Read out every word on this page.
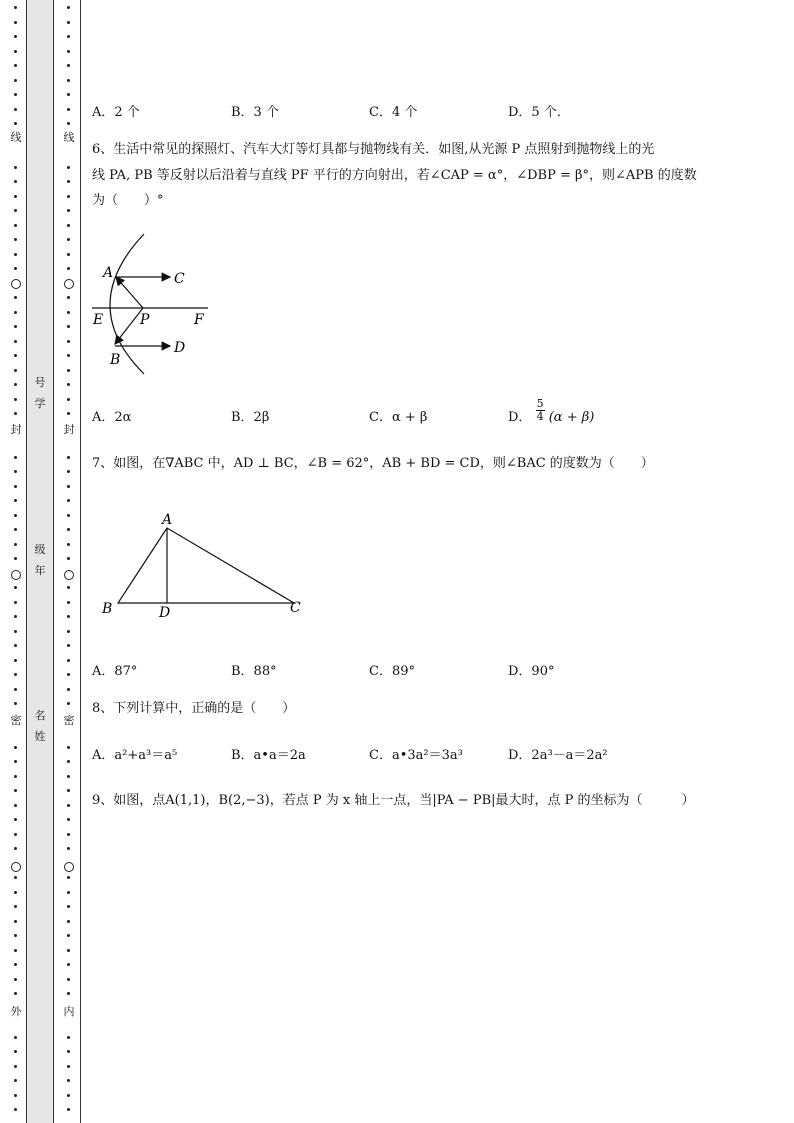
线
封
密
外
号
学
级
年
名
姓
线
封
密
内
A．2 个	B．3 个	C．4 个	D．5 个．
6、生活中常见的探照灯、汽车大灯等灯具都与抛物线有关．如图,从光源 P 点照射到抛物线上的光
线 PA, PB 等反射以后沿着与直线 PF 平行的方向射出，若∠CAP = α°，∠DBP = β°，则∠APB 的度数
为（　　）°
A	C
E	P	F
B
D
A．2α	B．2β	C．α + β	D． $\frac{5}{4} (\alpha + \beta)$
7、如图，在∇ABC 中，AD ⊥ BC，∠B = 62°，AB + BD = CD，则∠BAC 的度数为（　　）
A
B	D	C
A．87°	B．88°	C．89°	D．90°
8、下列计算中，正确的是（　　）
A．a²+a³＝a⁵	B．a•a＝2a	C．a•3a²＝3a³	D．2a³－a＝2a²
9、如图，点A(1,1)，B(2,−3)，若点 P 为 x 轴上一点，当|PA − PB|最大时，点 P 的坐标为（　　　）
